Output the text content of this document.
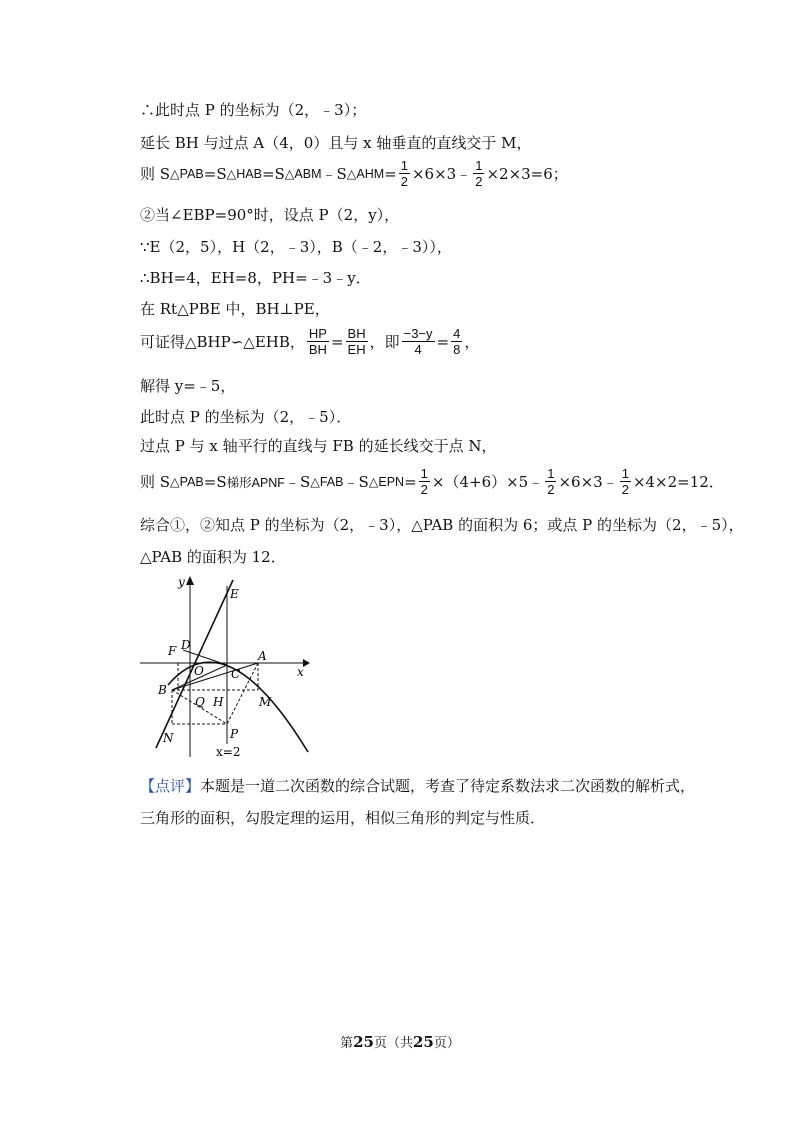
∴此时点 P 的坐标为（2，﹣3）；
延长 BH 与过点 A（4，0）且与 x 轴垂直的直线交于 M，
则 S △PAB =S △HAB =S △ABM ﹣S △AHM = $\frac{1}{2}$ ×6×3﹣ $\frac{1}{2} \times 2\times 3=6$；
②当∠EBP=90°时，设点 P（2，y），
∵E（2，5），H（2，﹣3），B（﹣2，﹣3）），
∴BH=4，EH=8，PH=﹣3﹣y．
在 Rt△PBE 中，BH⊥PE，
可证得△BHP∽△EHB， $\frac{HP}{BH} = \frac{BH}{EH}$ ，即 $\frac{-3-y}{4} = \frac{4}{8}$ ，
解得 y=﹣5，
此时点 P 的坐标为（2，﹣5）．
过点 P 与 x 轴平行的直线与 FB 的延长线交于点 N，
则 S △PAB =S 梯形APNF ﹣S △FAB ﹣S △EPN = $\frac{1}{2}$ ×（4+6）×5﹣ $\frac{1}{2}$ ×6×3﹣ $\frac{1}{2} \times 4\times 2=12$．
综合①，②知点 P 的坐标为（2，﹣3），△PAB 的面积为 6；或点 P 的坐标为（2，﹣5），
△PAB 的面积为 12．
y
x
E
F D
O C
A
B
Q H	M
N	P
x=2
【点评】本题是一道二次函数的综合试题，考查了待定系数法求二次函数的解析式，三角形的面积，勾股定理的运用，相似三角形的判定与性质．
第25页（共25页）
